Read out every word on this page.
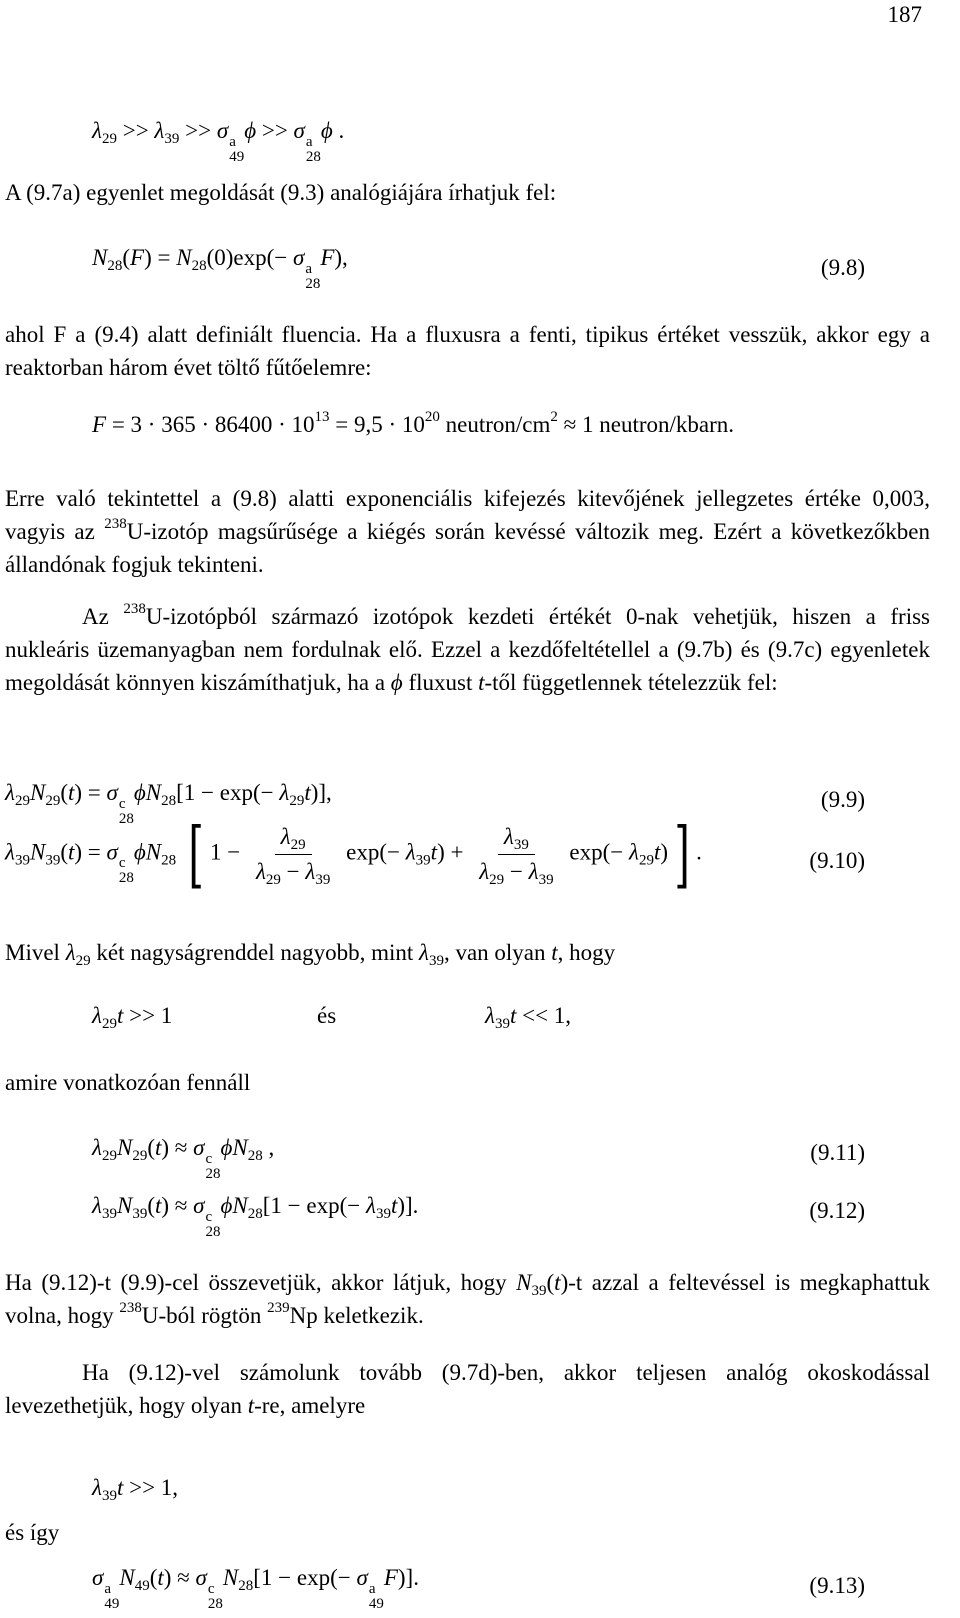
187
$\lambda_{29} >> \lambda_{39} >> \sigma$ a
49
ϕ >> σ a
28
ϕ .
A (9.7a) egyenlet megoldását (9.3) analógiájára írhatjuk fel:
$N_{28}(F) = N_{28}(0)\exp(- \sigma$ a
28
F),	(9.8)
ahol F a (9.4) alatt definiált fluencia. Ha a fluxusra a fenti, tipikus értéket vesszük, akkor egy a reaktorban három évet töltő fűtőelemre:
$F = 3 \cdot 365 \cdot 86400 \cdot 10^{13} = 9,5 \cdot 10^{20}$ neutron/$cm^2 \approx 1$ neutron/kbarn.
Erre való tekintettel a (9.8) alatti exponenciális kifejezés kitevőjének jellegzetes értéke 0,003, vagyis az $^{238}$U-izotóp magsűrűsége a kiégés során kevéssé változik meg. Ezért a következőkben állandónak fogjuk tekinteni.
Az $^{238}$U-izotópból származó izotópok kezdeti értékét 0-nak vehetjük, hiszen a friss nukleáris üzemanyagban nem fordulnak elő. Ezzel a kezdőfeltétellel a (9.7b) és (9.7c) egyenletek megoldását könnyen kiszámíthatjuk, ha a ϕ fluxust t-től függetlennek tételezzük fel:
$\lambda_{29}N_{29}(t) = \sigma$ c
28
$\phi N_{28}[1 - \exp(- \lambda_{29}t)]$,	(9.9)
$\lambda_{39}N_{39}(t) = \sigma$ c
28
$\phi N_{28}$ [ $1 - \frac{\lambda_{29}}{\lambda_{29} - \lambda_{39}} \exp(- \lambda_{39}t) + \frac{\lambda_{39}}{\lambda_{29} - \lambda_{39}} \exp(- \lambda_{29}t)$] .	(9.10)
Mivel $\lambda_{29}$ két nagyságrenddel nagyobb, mint $\lambda_{39}$, van olyan t, hogy
$\lambda_{29}t >> 1$	és	$\lambda_{39}t << 1$,
amire vonatkozóan fennáll
$\lambda_{29}N_{29}(t) \approx \sigma$ c
28
$\phi N_{28}$ ,	(9.11)
$\lambda_{39}N_{39}(t) \approx \sigma$ c
28
$\phi N_{28}[1 - \exp(- \lambda_{39}t)]$.	(9.12)
Ha (9.12)-t (9.9)-cel összevetjük, akkor látjuk, hogy $N_{39}(t)-t$ azzal a feltevéssel is megkaphattuk volna, hogy $^{238}$U-ból rögtön $^{239}$Np keletkezik.
Ha (9.12)-vel számolunk tovább (9.7d)-ben, akkor teljesen analóg okoskodással levezethetjük, hogy olyan t-re, amelyre
$\lambda_{39}t >> 1$,
és így
σ a
49
$N_{49}(t) \approx \sigma$ c
28
$N_{28}[1 - \exp(- \sigma$ a
49
F)].	(9.13)
